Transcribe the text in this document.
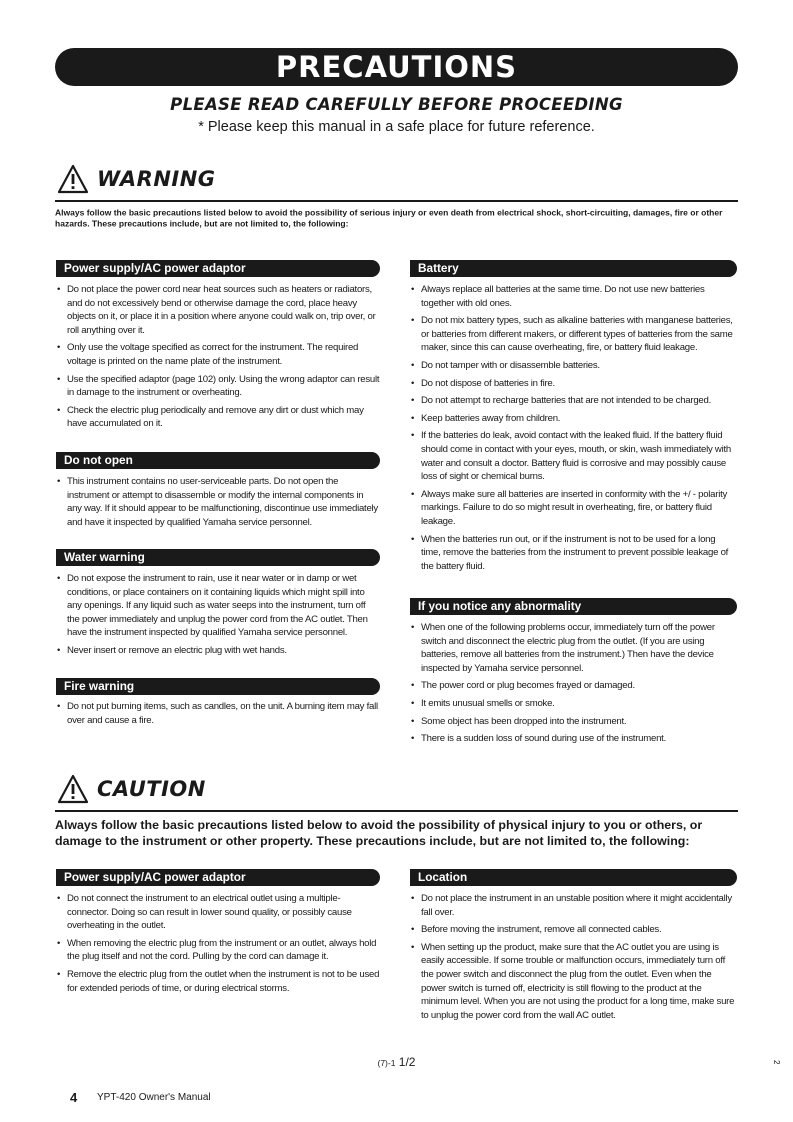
PRECAUTIONS
PLEASE READ CAREFULLY BEFORE PROCEEDING
* Please keep this manual in a safe place for future reference.
WARNING
Always follow the basic precautions listed below to avoid the possibility of serious injury or even death from electrical shock, short-circuiting, damages, fire or other hazards. These precautions include, but are not limited to, the following:
Power supply/AC power adaptor
• Do not place the power cord near heat sources such as heaters or radiators, and do not excessively bend or otherwise damage the cord, place heavy objects on it, or place it in a position where anyone could walk on, trip over, or roll anything over it.
• Only use the voltage specified as correct for the instrument. The required voltage is printed on the name plate of the instrument.
• Use the specified adaptor (page 102) only. Using the wrong adaptor can result in damage to the instrument or overheating.
• Check the electric plug periodically and remove any dirt or dust which may have accumulated on it.
Do not open
• This instrument contains no user-serviceable parts. Do not open the instrument or attempt to disassemble or modify the internal components in any way. If it should appear to be malfunctioning, discontinue use immediately and have it inspected by qualified Yamaha service personnel.
Water warning
• Do not expose the instrument to rain, use it near water or in damp or wet conditions, or place containers on it containing liquids which might spill into any openings. If any liquid such as water seeps into the instrument, turn off the power immediately and unplug the power cord from the AC outlet. Then have the instrument inspected by qualified Yamaha service personnel.
• Never insert or remove an electric plug with wet hands.
Fire warning
• Do not put burning items, such as candles, on the unit. A burning item may fall over and cause a fire.
Battery
• Always replace all batteries at the same time. Do not use new batteries together with old ones.
• Do not mix battery types, such as alkaline batteries with manganese batteries, or batteries from different makers, or different types of batteries from the same maker, since this can cause overheating, fire, or battery fluid leakage.
• Do not tamper with or disassemble batteries.
• Do not dispose of batteries in fire.
• Do not attempt to recharge batteries that are not intended to be charged.
• Keep batteries away from children.
• If the batteries do leak, avoid contact with the leaked fluid. If the battery fluid should come in contact with your eyes, mouth, or skin, wash immediately with water and consult a doctor. Battery fluid is corrosive and may possibly cause loss of sight or chemical burns.
• Always make sure all batteries are inserted in conformity with the +/ - polarity markings. Failure to do so might result in overheating, fire, or battery fluid leakage.
• When the batteries run out, or if the instrument is not to be used for a long time, remove the batteries from the instrument to prevent possible leakage of the battery fluid.
If you notice any abnormality
• When one of the following problems occur, immediately turn off the power switch and disconnect the electric plug from the outlet. (If you are using batteries, remove all batteries from the instrument.) Then have the device inspected by Yamaha service personnel.
• The power cord or plug becomes frayed or damaged.
• It emits unusual smells or smoke.
• Some object has been dropped into the instrument.
• There is a sudden loss of sound during use of the instrument.
CAUTION
Always follow the basic precautions listed below to avoid the possibility of physical injury to you or others, or damage to the instrument or other property. These precautions include, but are not limited to, the following:
Power supply/AC power adaptor
• Do not connect the instrument to an electrical outlet using a multiple-connector. Doing so can result in lower sound quality, or possibly cause overheating in the outlet.
• When removing the electric plug from the instrument or an outlet, always hold the plug itself and not the cord. Pulling by the cord can damage it.
• Remove the electric plug from the outlet when the instrument is not to be used for extended periods of time, or during electrical storms.
Location
• Do not place the instrument in an unstable position where it might accidentally fall over.
• Before moving the instrument, remove all connected cables.
• When setting up the product, make sure that the AC outlet you are using is easily accessible. If some trouble or malfunction occurs, immediately turn off the power switch and disconnect the plug from the outlet. Even when the power switch is turned off, electricity is still flowing to the product at the minimum level. When you are not using the product for a long time, make sure to unplug the power cord from the wall AC outlet.
(7)-1 1/2
4 YPT-420 Owner's Manual
2
